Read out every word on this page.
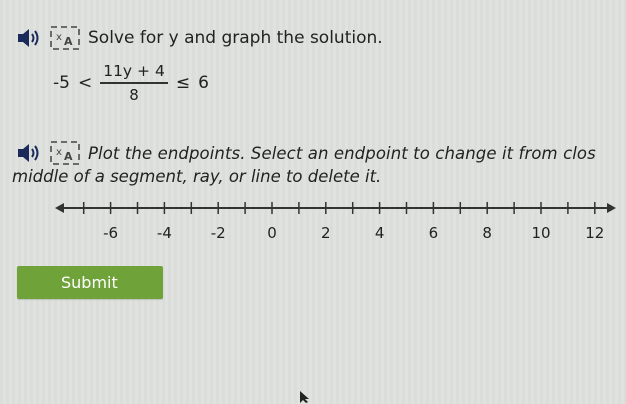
x A Solve for y and graph the solution.
$-5 < \frac{11y + 4}{8} \le 6$
x A Plot the endpoints. Select an endpoint to change it from clos
middle of a segment, ray, or line to delete it.
-6	-4	-2	0	2	4	6	8	10 12
Submit
